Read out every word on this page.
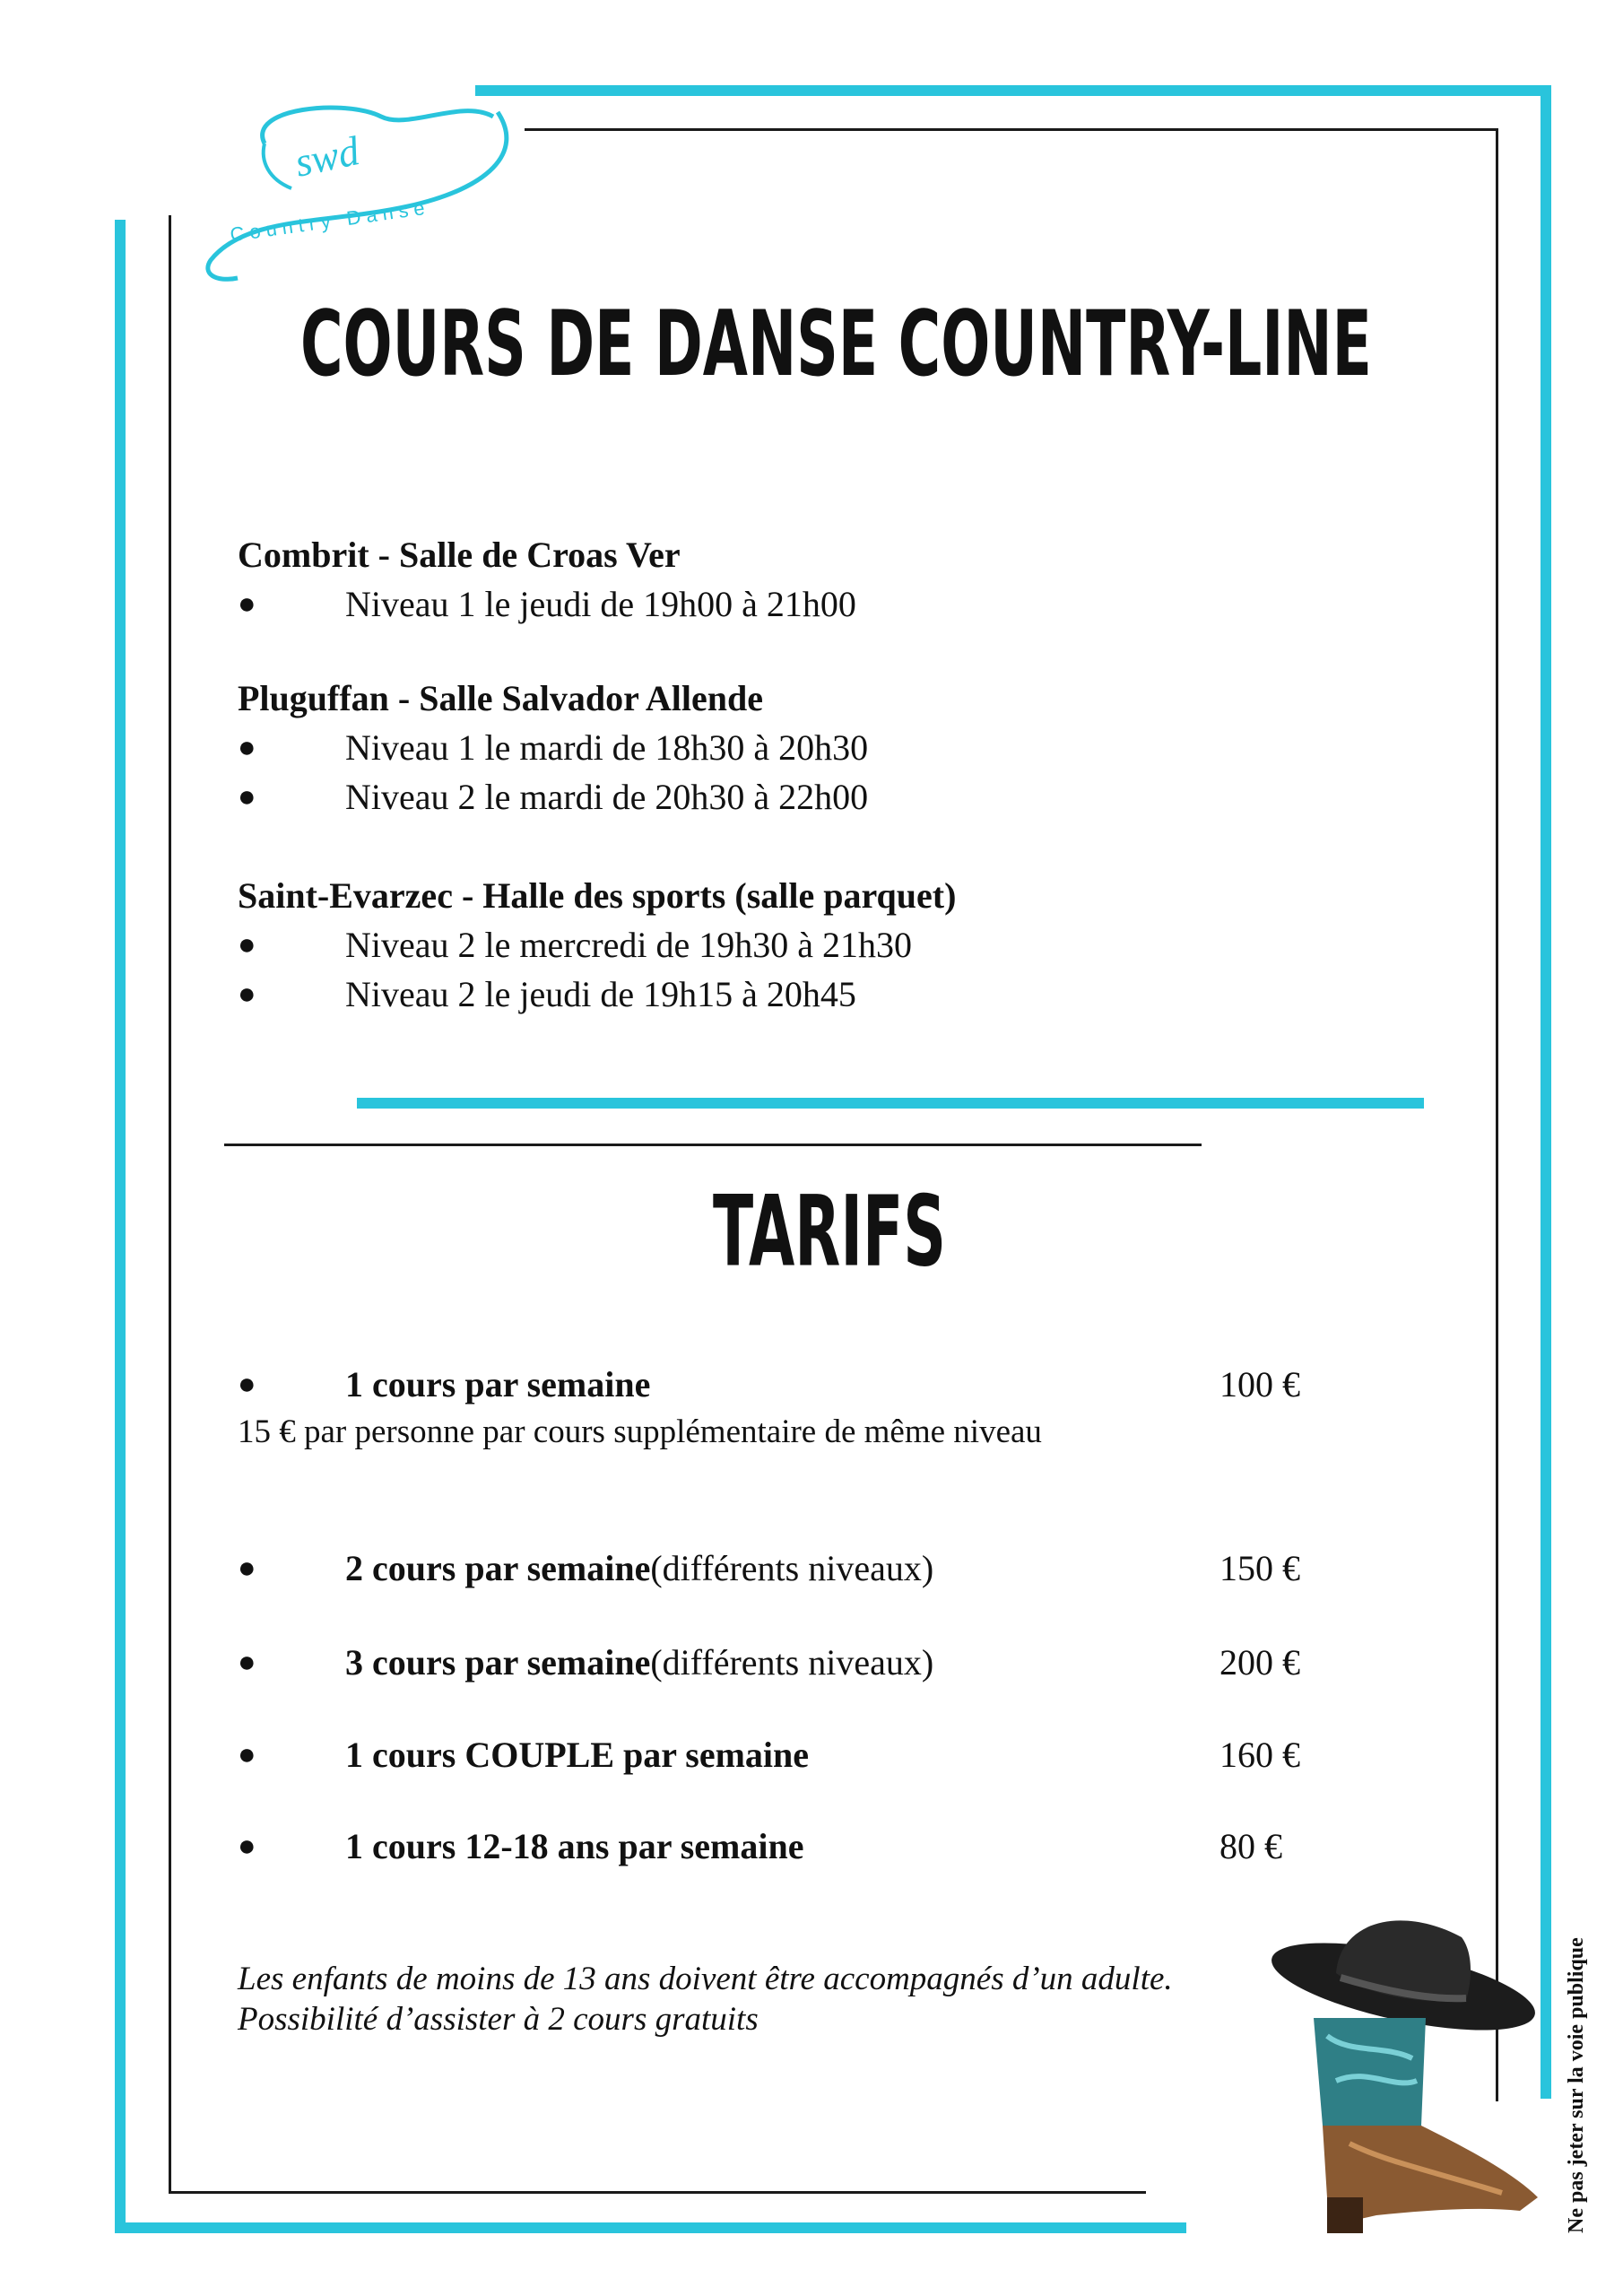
swd
Country Danse
COURS DE DANSE COUNTRY-LINE
TARIFS
Combrit - Salle de Croas Ver
●	Niveau 1 le jeudi de 19h00 à 21h00
Pluguffan - Salle Salvador Allende
●	Niveau 1 le mardi de 18h30 à 20h30
●	Niveau 2 le mardi de 20h30 à 22h00
Saint-Evarzec - Halle des sports (salle parquet)
●	Niveau 2 le mercredi de 19h30 à 21h30
●	Niveau 2 le jeudi de 19h15 à 20h45
●	1 cours par semaine	100 €
15 € par personne par cours supplémentaire de même niveau
●	2 cours par semaine (différents niveaux)	150 €
●	3 cours par semaine (différents niveaux)	200 €
●	1 cours COUPLE par semaine	160 €
●	1 cours 12-18 ans par semaine	80 €
Les enfants de moins de 13 ans doivent être accompagnés d’un adulte.
Possibilité d’assister à 2 cours gratuits	Ne pas jeter sur la voie publique
